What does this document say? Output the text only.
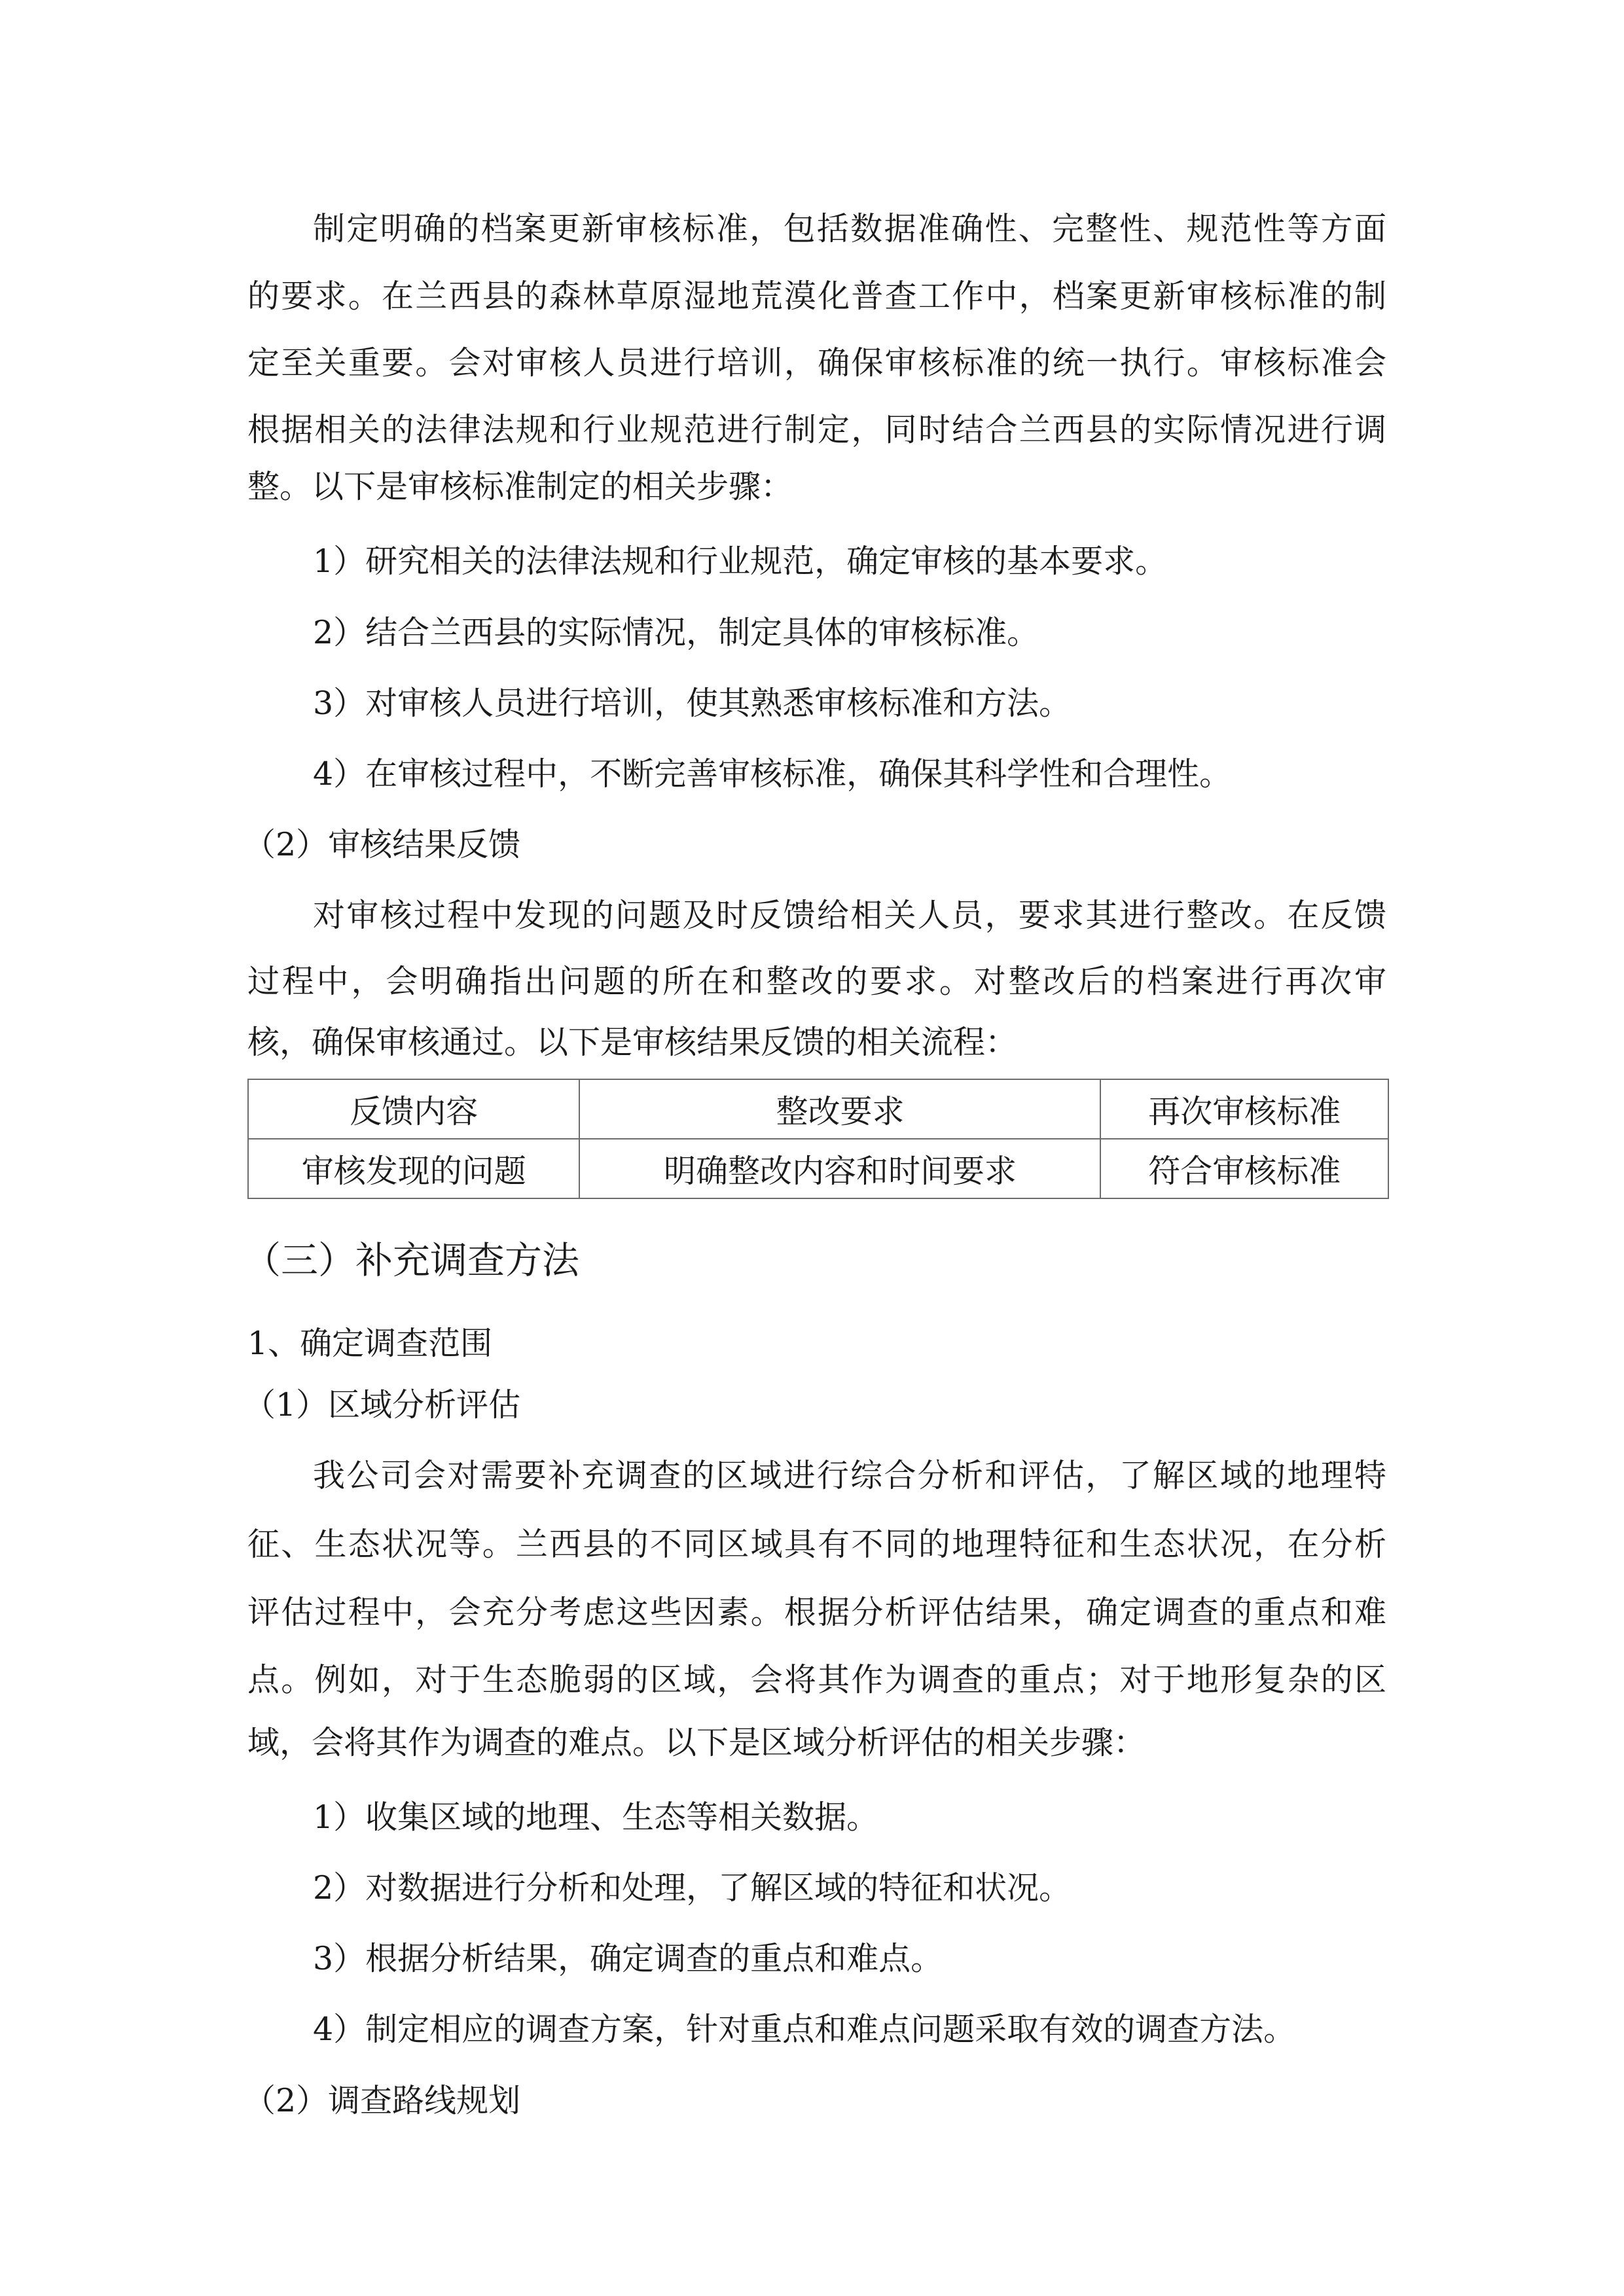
制定明确的档案更新审核标准，包括数据准确性、完整性、规范性等方面
的要求。在兰西县的森林草原湿地荒漠化普查工作中，档案更新审核标准的制
定至关重要。会对审核人员进行培训，确保审核标准的统一执行。审核标准会
根据相关的法律法规和行业规范进行制定，同时结合兰西县的实际情况进行调
整。以下是审核标准制定的相关步骤：
1）研究相关的法律法规和行业规范，确定审核的基本要求。
2）结合兰西县的实际情况，制定具体的审核标准。
3）对审核人员进行培训，使其熟悉审核标准和方法。
4）在审核过程中，不断完善审核标准，确保其科学性和合理性。
（2）审核结果反馈
对审核过程中发现的问题及时反馈给相关人员，要求其进行整改。在反馈
过程中，会明确指出问题的所在和整改的要求。对整改后的档案进行再次审
核，确保审核通过。以下是审核结果反馈的相关流程：
反馈内容	整改要求	再次审核标准
审核发现的问题	明确整改内容和时间要求	符合审核标准
（三）补充调查方法
1、确定调查范围
（1）区域分析评估
我公司会对需要补充调查的区域进行综合分析和评估，了解区域的地理特
征、生态状况等。兰西县的不同区域具有不同的地理特征和生态状况，在分析
评估过程中，会充分考虑这些因素。根据分析评估结果，确定调查的重点和难
点。例如，对于生态脆弱的区域，会将其作为调查的重点；对于地形复杂的区
域，会将其作为调查的难点。以下是区域分析评估的相关步骤：
1）收集区域的地理、生态等相关数据。
2）对数据进行分析和处理，了解区域的特征和状况。
3）根据分析结果，确定调查的重点和难点。
4）制定相应的调查方案，针对重点和难点问题采取有效的调查方法。
（2）调查路线规划
